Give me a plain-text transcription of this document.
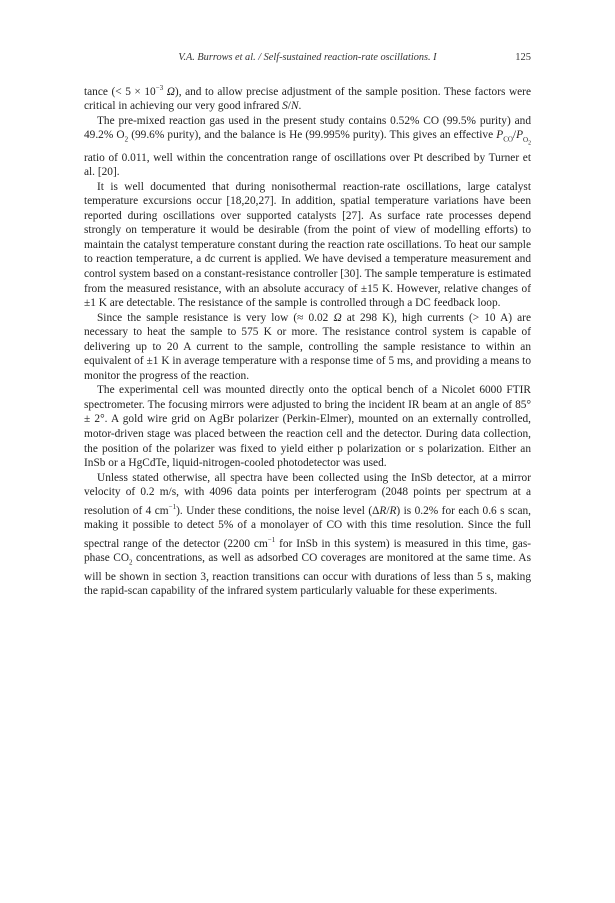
V.A. Burrows et al. / Self-sustained reaction-rate oscillations. I	125

tance (< $5 \times 10^{-3}$ Ω), and to allow precise adjustment of the sample position. These factors were critical in achieving our very good infrared S/N.

The pre-mixed reaction gas used in the present study contains 0.52% CO (99.5% purity) and 49.2% $O_2$ (99.6% purity), and the balance is He (99.995% purity). This gives an effective $P_{CO}/P_{O_2}$ ratio of 0.011, well within the concentration range of oscillations over Pt described by Turner et al. [20].

It is well documented that during nonisothermal reaction-rate oscillations, large catalyst temperature excursions occur [18,20,27]. In addition, spatial temperature variations have been reported during oscillations over supported catalysts [27]. As surface rate processes depend strongly on temperature it would be desirable (from the point of view of modelling efforts) to maintain the catalyst temperature constant during the reaction rate oscillations. To heat our sample to reaction temperature, a dc current is applied. We have devised a temperature measurement and control system based on a constant-resistance controller [30]. The sample temperature is estimated from the measured resistance, with an absolute accuracy of ±15 K. However, relative changes of ±1 K are detectable. The resistance of the sample is controlled through a DC feedback loop.

Since the sample resistance is very low (≈ 0.02 Ω at 298 K), high currents (> 10 A) are necessary to heat the sample to 575 K or more. The resistance control system is capable of delivering up to 20 A current to the sample, controlling the sample resistance to within an equivalent of ±1 K in average temperature with a response time of 5 ms, and providing a means to monitor the progress of the reaction.

The experimental cell was mounted directly onto the optical bench of a Nicolet 6000 FTIR spectrometer. The focusing mirrors were adjusted to bring the incident IR beam at an angle of 85° ± 2°. A gold wire grid on AgBr polarizer (Perkin-Elmer), mounted on an externally controlled, motor-driven stage was placed between the reaction cell and the detector. During data collection, the position of the polarizer was fixed to yield either p polarization or s polarization. Either an InSb or a HgCdTe, liquid-nitrogen-cooled photodetector was used.

Unless stated otherwise, all spectra have been collected using the InSb detector, at a mirror velocity of 0.2 m/s, with 4096 data points per interferogram (2048 points per spectrum at a resolution of 4 $cm^{-1}$). Under these conditions, the noise level (ΔR/R) is 0.2% for each 0.6 s scan, making it possible to detect 5% of a monolayer of CO with this time resolution. Since the full spectral range of the detector (2200 $cm^{-1}$ for InSb in this system) is measured in this time, gas-phase $CO_2$ concentrations, as well as adsorbed CO coverages are monitored at the same time. As will be shown in section 3, reaction transitions can occur with durations of less than 5 s, making the rapid-scan capability of the infrared system particularly valuable for these experiments.
